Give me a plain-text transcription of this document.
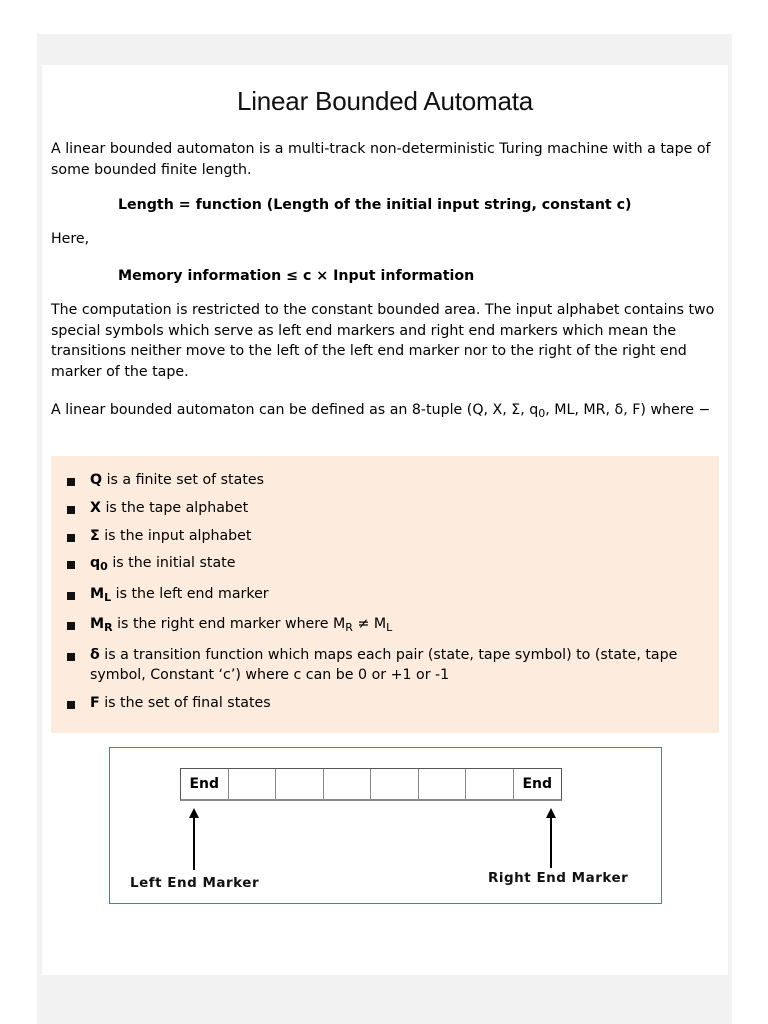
Linear Bounded Automata

A linear bounded automaton is a multi-track non-deterministic Turing machine with a tape of some bounded finite length.

Length = function (Length of the initial input string, constant c)

Here,

Memory information ≤ c × Input information

The computation is restricted to the constant bounded area. The input alphabet contains two special symbols which serve as left end markers and right end markers which mean the transitions neither move to the left of the left end marker nor to the right of the right end marker of the tape.

A linear bounded automaton can be defined as an 8-tuple (Q, X, Σ, $q_0$, ML, MR, δ, F) where −

Q is a finite set of states
X is the tape alphabet
Σ is the input alphabet
$q_0$ is the initial state
$M_L$ is the left end marker
$M_R$ is the right end marker where $M_R \ne M_L$
δ is a transition function which maps each pair (state, tape symbol) to (state, tape symbol, Constant ‘c’) where c can be 0 or +1 or -1
F is the set of final states
End	End
Left End Marker	Right End Marker
